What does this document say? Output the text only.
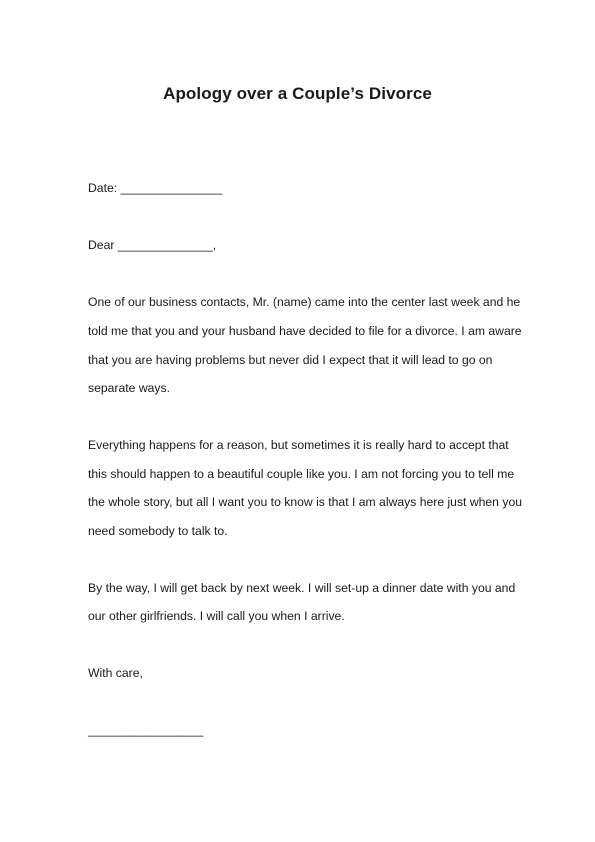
Apology over a Couple’s Divorce
Date: _______________
Dear ______________,
One of our business contacts, Mr. (name) came into the center last week and he
told me that you and your husband have decided to file for a divorce. I am aware
that you are having problems but never did I expect that it will lead to go on
separate ways.
Everything happens for a reason, but sometimes it is really hard to accept that
this should happen to a beautiful couple like you. I am not forcing you to tell me
the whole story, but all I want you to know is that I am always here just when you
need somebody to talk to.
By the way, I will get back by next week. I will set-up a dinner date with you and
our other girlfriends. I will call you when I arrive.
With care,
_________________
